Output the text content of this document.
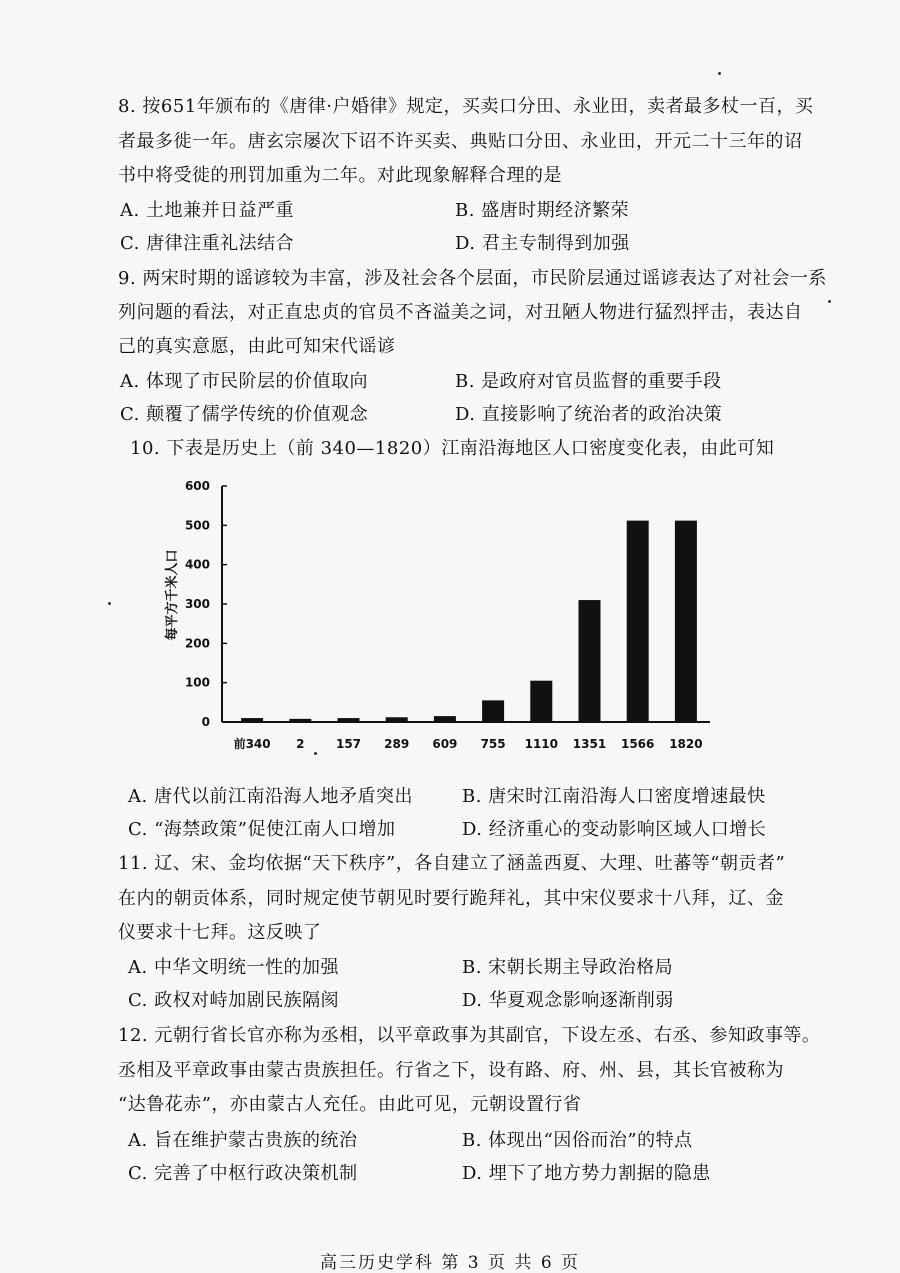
8. 按651年颁布的《唐律·户婚律》规定，买卖口分田、永业田，卖者最多杖一百，买
者最多徙一年。唐玄宗屡次下诏不许买卖、典贴口分田、永业田，开元二十三年的诏
书中将受徙的刑罚加重为二年。对此现象解释合理的是
A. 土地兼并日益严重	B. 盛唐时期经济繁荣
C. 唐律注重礼法结合	D. 君主专制得到加强
9. 两宋时期的谣谚较为丰富，涉及社会各个层面，市民阶层通过谣谚表达了对社会一系
列问题的看法，对正直忠贞的官员不吝溢美之词，对丑陋人物进行猛烈抨击，表达自
己的真实意愿，由此可知宋代谣谚
A. 体现了市民阶层的价值取向	B. 是政府对官员监督的重要手段
C. 颠覆了儒学传统的价值观念	D. 直接影响了统治者的政治决策
10. 下表是历史上（前 340—1820）江南沿海地区人口密度变化表，由此可知
每平方千米人口
0
100
200
300
400
500
600
前340 2	157 289 609 755 1110 1351 1566 1820
A. 唐代以前江南沿海人地矛盾突出	B. 唐宋时江南沿海人口密度增速最快
C. “海禁政策”促使江南人口增加	D. 经济重心的变动影响区域人口增长
11. 辽、宋、金均依据“天下秩序”，各自建立了涵盖西夏、大理、吐蕃等“朝贡者”
在内的朝贡体系，同时规定使节朝见时要行跪拜礼，其中宋仪要求十八拜，辽、金
仪要求十七拜。这反映了
A. 中华文明统一性的加强	B. 宋朝长期主导政治格局
C. 政权对峙加剧民族隔阂	D. 华夏观念影响逐渐削弱
12. 元朝行省长官亦称为丞相，以平章政事为其副官，下设左丞、右丞、参知政事等。
丞相及平章政事由蒙古贵族担任。行省之下，设有路、府、州、县，其长官被称为
“达鲁花赤”，亦由蒙古人充任。由此可见，元朝设置行省
A. 旨在维护蒙古贵族的统治	B. 体现出“因俗而治”的特点
C. 完善了中枢行政决策机制	D. 埋下了地方势力割据的隐患
高三历史学科 第 3 页 共 6 页
